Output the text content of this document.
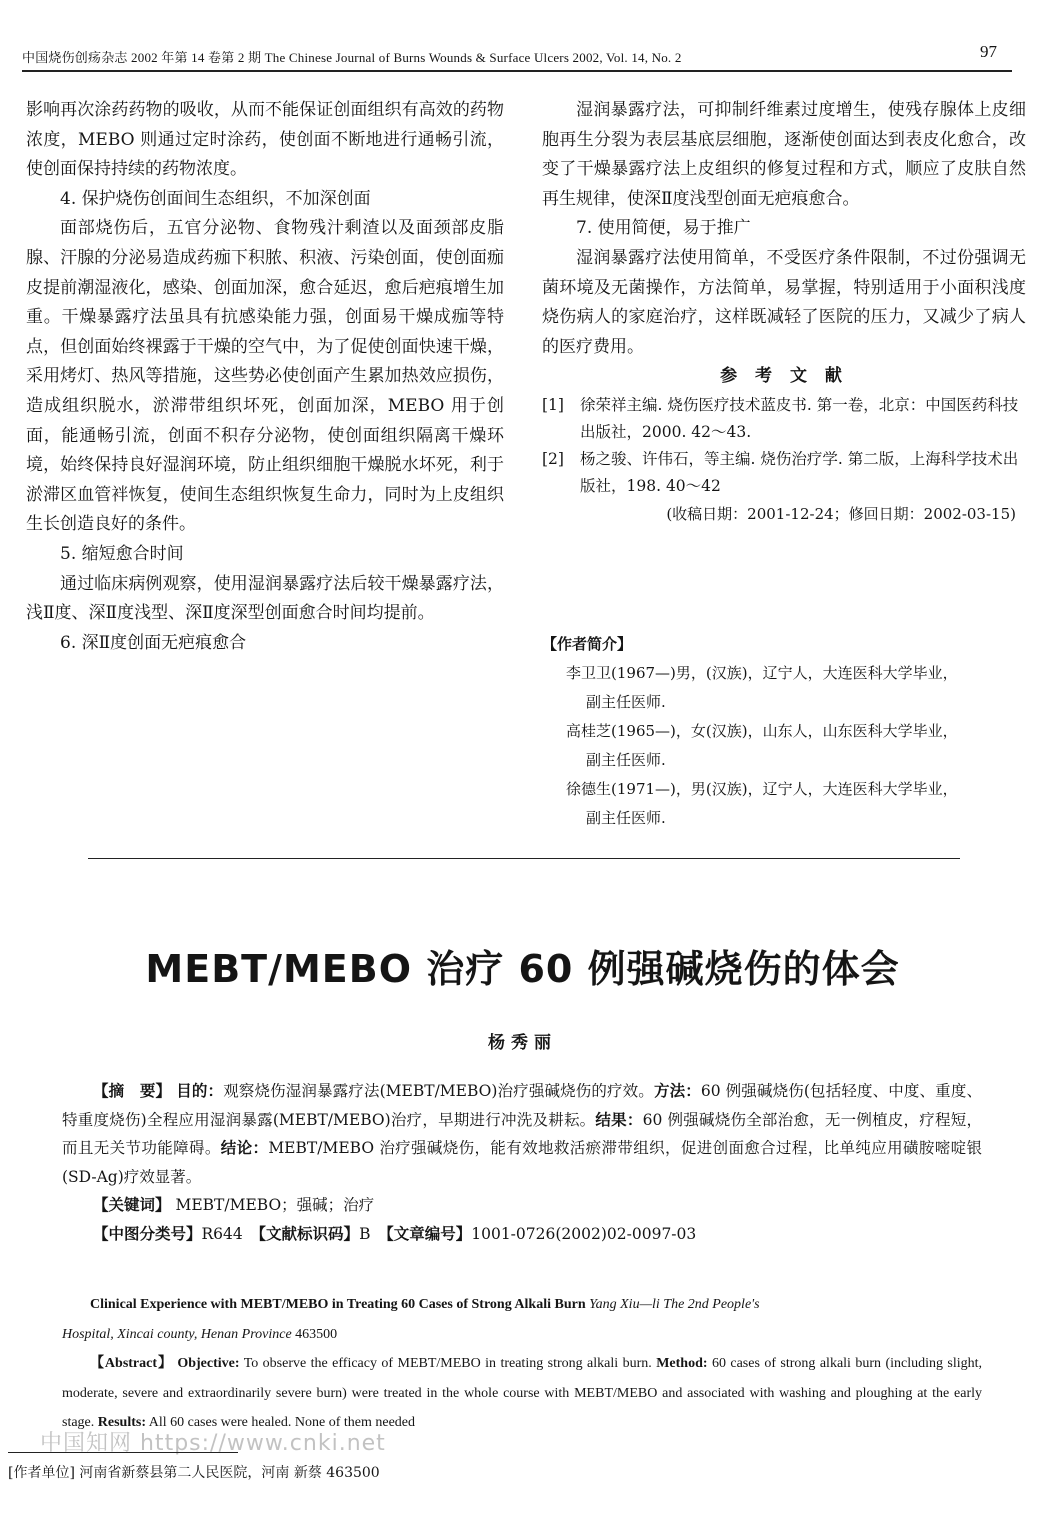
中国烧伤创疡杂志 2002 年第 14 卷第 2 期 The Chinese Journal of Burns Wounds & Surface Ulcers 2002, Vol. 14, No. 2	97

影响再次涂药药物的吸收，从而不能保证创面组织有高效的药物浓度，MEBO 则通过定时涂药，使创面不断地进行通畅引流，使创面保持持续的药物浓度。

4. 保护烧伤创面间生态组织，不加深创面

面部烧伤后，五官分泌物、食物残汁剩渣以及面颈部皮脂腺、汗腺的分泌易造成药痂下积脓、积液、污染创面，使创面痂皮提前潮湿液化，感染、创面加深，愈合延迟，愈后疤痕增生加重。干燥暴露疗法虽具有抗感染能力强，创面易干燥成痂等特点，但创面始终裸露于干燥的空气中，为了促使创面快速干燥，采用烤灯、热风等措施，这些势必使创面产生累加热效应损伤，造成组织脱水，淤滞带组织坏死，创面加深，MEBO 用于创面，能通畅引流，创面不积存分泌物，使创面组织隔离干燥环境，始终保持良好湿润环境，防止组织细胞干燥脱水坏死，利于淤滞区血管袢恢复，使间生态组织恢复生命力，同时为上皮组织生长创造良好的条件。

5. 缩短愈合时间

通过临床病例观察，使用湿润暴露疗法后较干燥暴露疗法，浅Ⅱ度、深Ⅱ度浅型、深Ⅱ度深型创面愈合时间均提前。

6. 深Ⅱ度创面无疤痕愈合

湿润暴露疗法，可抑制纤维素过度增生，使残存腺体上皮细胞再生分裂为表层基底层细胞，逐渐使创面达到表皮化愈合，改变了干燥暴露疗法上皮组织的修复过程和方式，顺应了皮肤自然再生规律，使深Ⅱ度浅型创面无疤痕愈合。

7. 使用简便，易于推广

湿润暴露疗法使用简单，不受医疗条件限制，不过份强调无菌环境及无菌操作，方法简单，易掌握，特别适用于小面积浅度烧伤病人的家庭治疗，这样既减轻了医院的压力，又减少了病人的医疗费用。

参 考 文 献

[1]	徐荣祥主编. 烧伤医疗技术蓝皮书. 第一卷，北京：中国医药科技出版社，2000. 42～43.
[2]	杨之骏、许伟石，等主编. 烧伤治疗学. 第二版，上海科学技术出版社，198. 40～42

(收稿日期：2001-12-24；修回日期：2002-03-15)

【作者简介】
李卫卫(1967—)男，(汉族)，辽宁人，大连医科大学毕业，
副主任医师.
高桂芝(1965—)，女(汉族)，山东人，山东医科大学毕业，
副主任医师.
徐德生(1971—)，男(汉族)，辽宁人，大连医科大学毕业，
副主任医师.
MEBT/MEBO 治疗 60 例强碱烧伤的体会
杨秀丽

【摘　要】 目的：观察烧伤湿润暴露疗法(MEBT/MEBO)治疗强碱烧伤的疗效。方法：60 例强碱烧伤(包括轻度、中度、重度、特重度烧伤)全程应用湿润暴露(MEBT/MEBO)治疗，早期进行冲洗及耕耘。结果：60 例强碱烧伤全部治愈，无一例植皮，疗程短，而且无关节功能障碍。结论：MEBT/MEBO 治疗强碱烧伤，能有效地救活瘀滞带组织，促进创面愈合过程，比单纯应用磺胺嘧啶银(SD-Ag)疗效显著。

【关键词】 MEBT/MEBO；强碱；治疗

【中图分类号】R644　 【文献标识码】B　 【文章编号】1001-0726(2002)02-0097-03

Clinical Experience with MEBT/MEBO in Treating 60 Cases of Strong Alkali Burn Yang Xiu—li The 2nd People's

Hospital, Xincai county, Henan Province 463500

【Abstract】 Objective: To observe the efficacy of MEBT/MEBO in treating strong alkali burn. Method: 60 cases of strong alkali burn (including slight, moderate, severe and extraordinarily severe burn) were treated in the whole course with MEBT/MEBO and associated with washing and ploughing at the early stage. Results: All 60 cases were healed. None of them needed

中国知网 https://www.cnki.net
[作者单位] 河南省新蔡县第二人民医院，河南 新蔡 463500
